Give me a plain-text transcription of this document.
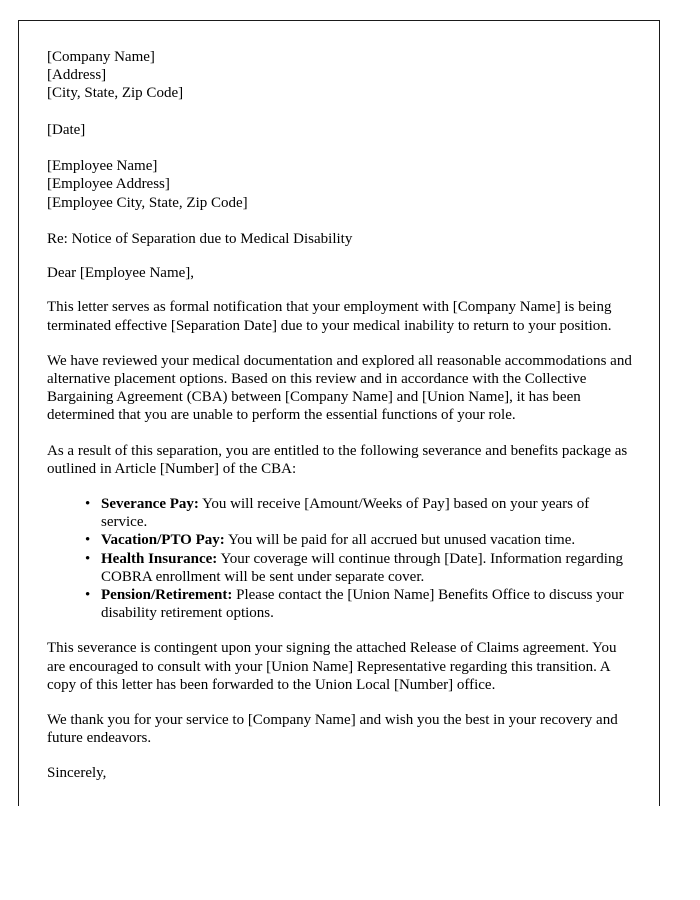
[Company Name]
[Address]
[City, State, Zip Code]
[Date]
[Employee Name]
[Employee Address]
[Employee City, State, Zip Code]

Re: Notice of Separation due to Medical Disability

Dear [Employee Name],

This letter serves as formal notification that your employment with [Company Name] is being terminated effective [Separation Date] due to your medical inability to return to your position.

We have reviewed your medical documentation and explored all reasonable accommodations and alternative placement options. Based on this review and in accordance with the Collective Bargaining Agreement (CBA) between [Company Name] and [Union Name], it has been determined that you are unable to perform the essential functions of your role.

As a result of this separation, you are entitled to the following severance and benefits package as outlined in Article [Number] of the CBA:

• Severance Pay: You will receive [Amount/Weeks of Pay] based on your years of service.
• Vacation/PTO Pay: You will be paid for all accrued but unused vacation time.
• Health Insurance: Your coverage will continue through [Date]. Information regarding COBRA enrollment will be sent under separate cover.
• Pension/Retirement: Please contact the [Union Name] Benefits Office to discuss your disability retirement options.

This severance is contingent upon your signing the attached Release of Claims agreement. You are encouraged to consult with your [Union Name] Representative regarding this transition. A copy of this letter has been forwarded to the Union Local [Number] office.

We thank you for your service to [Company Name] and wish you the best in your recovery and future endeavors.

Sincerely,
